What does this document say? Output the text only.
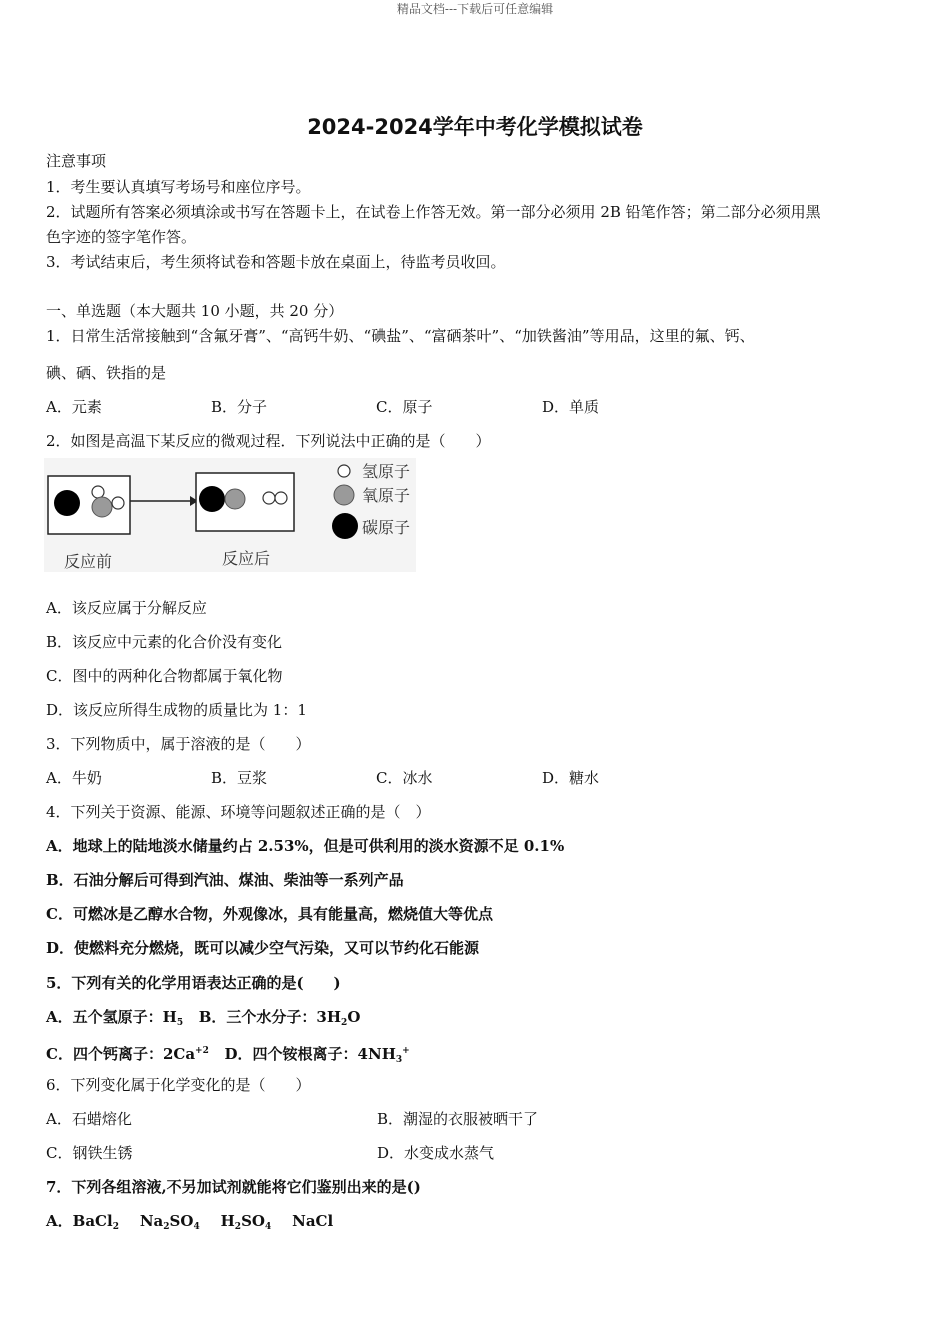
精品文档---下载后可任意编辑
2024-2024学年中考化学模拟试卷
注意事项
1．考生要认真填写考场号和座位序号。
2．试题所有答案必须填涂或书写在答题卡上，在试卷上作答无效。第一部分必须用 2B 铅笔作答；第二部分必须用黑
色字迹的签字笔作答。
3．考试结束后，考生须将试卷和答题卡放在桌面上，待监考员收回。
一、单选题（本大题共 10 小题，共 20 分）
1．日常生活常接触到“含氟牙膏”、“高钙牛奶、“碘盐”、“富硒茶叶”、“加铁酱油”等用品，这里的氟、钙、
碘、硒、铁指的是
A．元素	B．分子	C．原子	D．单质
2．如图是高温下某反应的微观过程．下列说法中正确的是（　　）
反应前	反应后
氢原子
氧原子
碳原子
A．该反应属于分解反应
B．该反应中元素的化合价没有变化
C．图中的两种化合物都属于氧化物
D．该反应所得生成物的质量比为 1：1
3．下列物质中，属于溶液的是（　　）
A．牛奶	B．豆浆	C．冰水	D．糖水
4．下列关于资源、能源、环境等问题叙述正确的是（　）
A．地球上的陆地淡水储量约占 2.53%，但是可供利用的淡水资源不足 0.1%
B．石油分解后可得到汽油、煤油、柴油等一系列产品
C．可燃冰是乙醇水合物，外观像冰，具有能量高，燃烧值大等优点
D．使燃料充分燃烧，既可以减少空气污染，又可以节约化石能源
5．下列有关的化学用语表达正确的是(　　)
A．五个氢原子：$H_5$ B．三个水分子：$3H_2O$
C．四个钙离子：$2Ca^{+2}$ D．四个铵根离子：$4NH_3^+$
6．下列变化属于化学变化的是（　　）
A．石蜡熔化	B．潮湿的衣服被晒干了
C．钢铁生锈	D．水变成水蒸气
7．下列各组溶液,不另加试剂就能将它们鉴别出来的是()
A．BaCl$_2$ $Na_2SO_4$ $H_2SO_4$ NaCl
